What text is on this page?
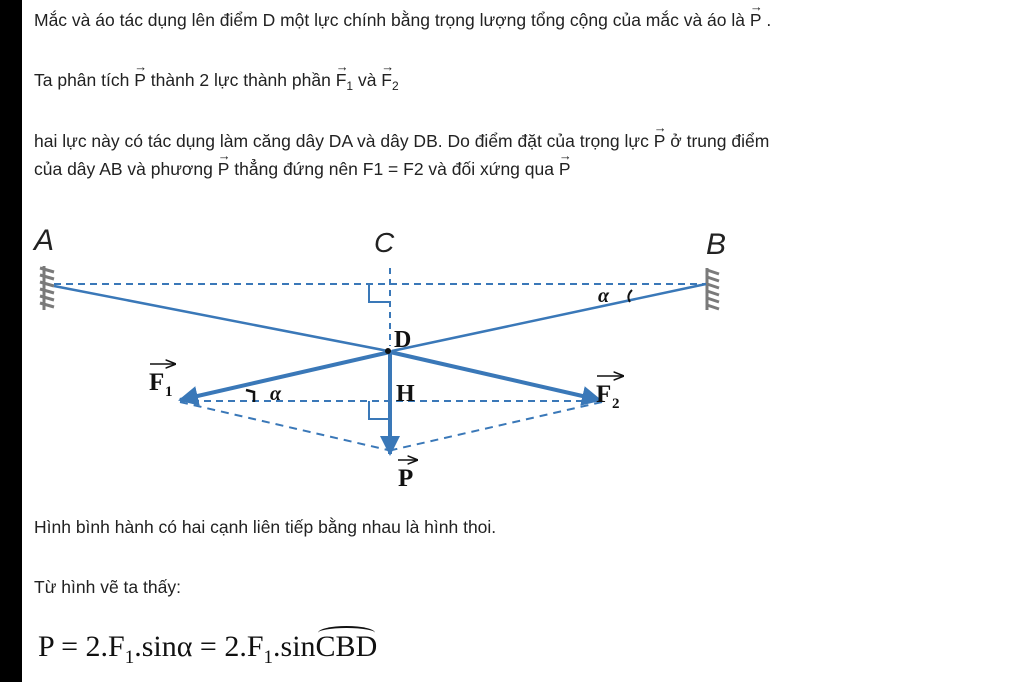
Mắc và áo tác dụng lên điểm D một lực chính bằng trọng lượng tổng cộng của mắc và áo là → P .
Ta phân tích → P thành 2 lực thành phần → $F_1$ và → $F_2$
hai lực này có tác dụng làm căng dây DA và dây DB. Do điểm đặt của trọng lực → P ở trung điểm
của dây AB và phương → P thẳng đứng nên F1 = F2 và đối xứng qua → P
A	C	B
D
H
α
α
F 1	F 2
P
Hình bình hành có hai cạnh liên tiếp bằng nhau là hình thoi.
Từ hình vẽ ta thấy:
$P = 2.F_1.\sin\alpha$ = $2.F_1.sinCBD$
